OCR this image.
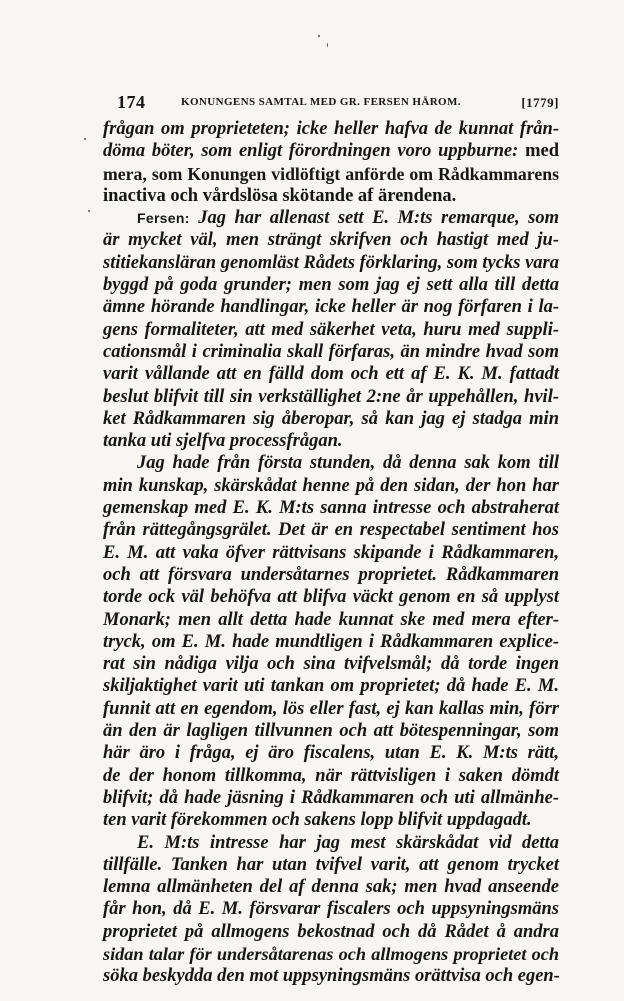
174	KONUNGENS SAMTAL MED GR. FERSEN HÄROM.	[1779]
frågan om proprieteten; icke heller hafva de kunnat från-
döma böter, som enligt förordningen voro uppburne: med
mera, som Konungen vidlöftigt anförde om Rådkammarens
inactiva och vårdslösa skötande af ärendena.
Fersen: Jag har allenast sett E. M:ts remarque, som
är mycket väl, men strängt skrifven och hastigt med ju-
stitiekansläran genomläst Rådets förklaring, som tycks vara
byggd på goda grunder; men som jag ej sett alla till detta
ämne hörande handlingar, icke heller är nog förfaren i la-
gens formaliteter, att med säkerhet veta, huru med suppli-
cationsmål i criminalia skall förfaras, än mindre hvad som
varit vållande att en fälld dom och ett af E. K. M. fattadt
beslut blifvit till sin verkställighet 2:ne år uppehållen, hvil-
ket Rådkammaren sig åberopar, så kan jag ej stadga min
tanka uti sjelfva processfrågan.
Jag hade från första stunden, då denna sak kom till
min kunskap, skärskådat henne på den sidan, der hon har
gemenskap med E. K. M:ts sanna intresse och abstraherat
från rättegångsgrälet. Det är en respectabel sentiment hos
E. M. att vaka öfver rättvisans skipande i Rådkammaren,
och att försvara undersåtarnes proprietet. Rådkammaren
torde ock väl behöfva att blifva väckt genom en så upplyst
Monark; men allt detta hade kunnat ske med mera efter-
tryck, om E. M. hade mundtligen i Rådkammaren explice-
rat sin nådiga vilja och sina tvifvelsmål; då torde ingen
skiljaktighet varit uti tankan om proprietet; då hade E. M.
funnit att en egendom, lös eller fast, ej kan kallas min, förr
än den är lagligen tillvunnen och att bötespenningar, som
här äro i fråga, ej äro fiscalens, utan E. K. M:ts rätt,
de der honom tillkomma, när rättvisligen i saken dömdt
blifvit; då hade jäsning i Rådkammaren och uti allmänhe-
ten varit förekommen och sakens lopp blifvit uppdagadt.
E. M:ts intresse har jag mest skärskådat vid detta
tillfälle. Tanken har utan tvifvel varit, att genom trycket
lemna allmänheten del af denna sak; men hvad anseende
får hon, då E. M. försvarar fiscalers och uppsyningsmäns
proprietet på allmogens bekostnad och då Rådet å andra
sidan talar för undersåtarenas och allmogens proprietet och
söka beskydda den mot uppsyningsmäns orättvisa och egen-
